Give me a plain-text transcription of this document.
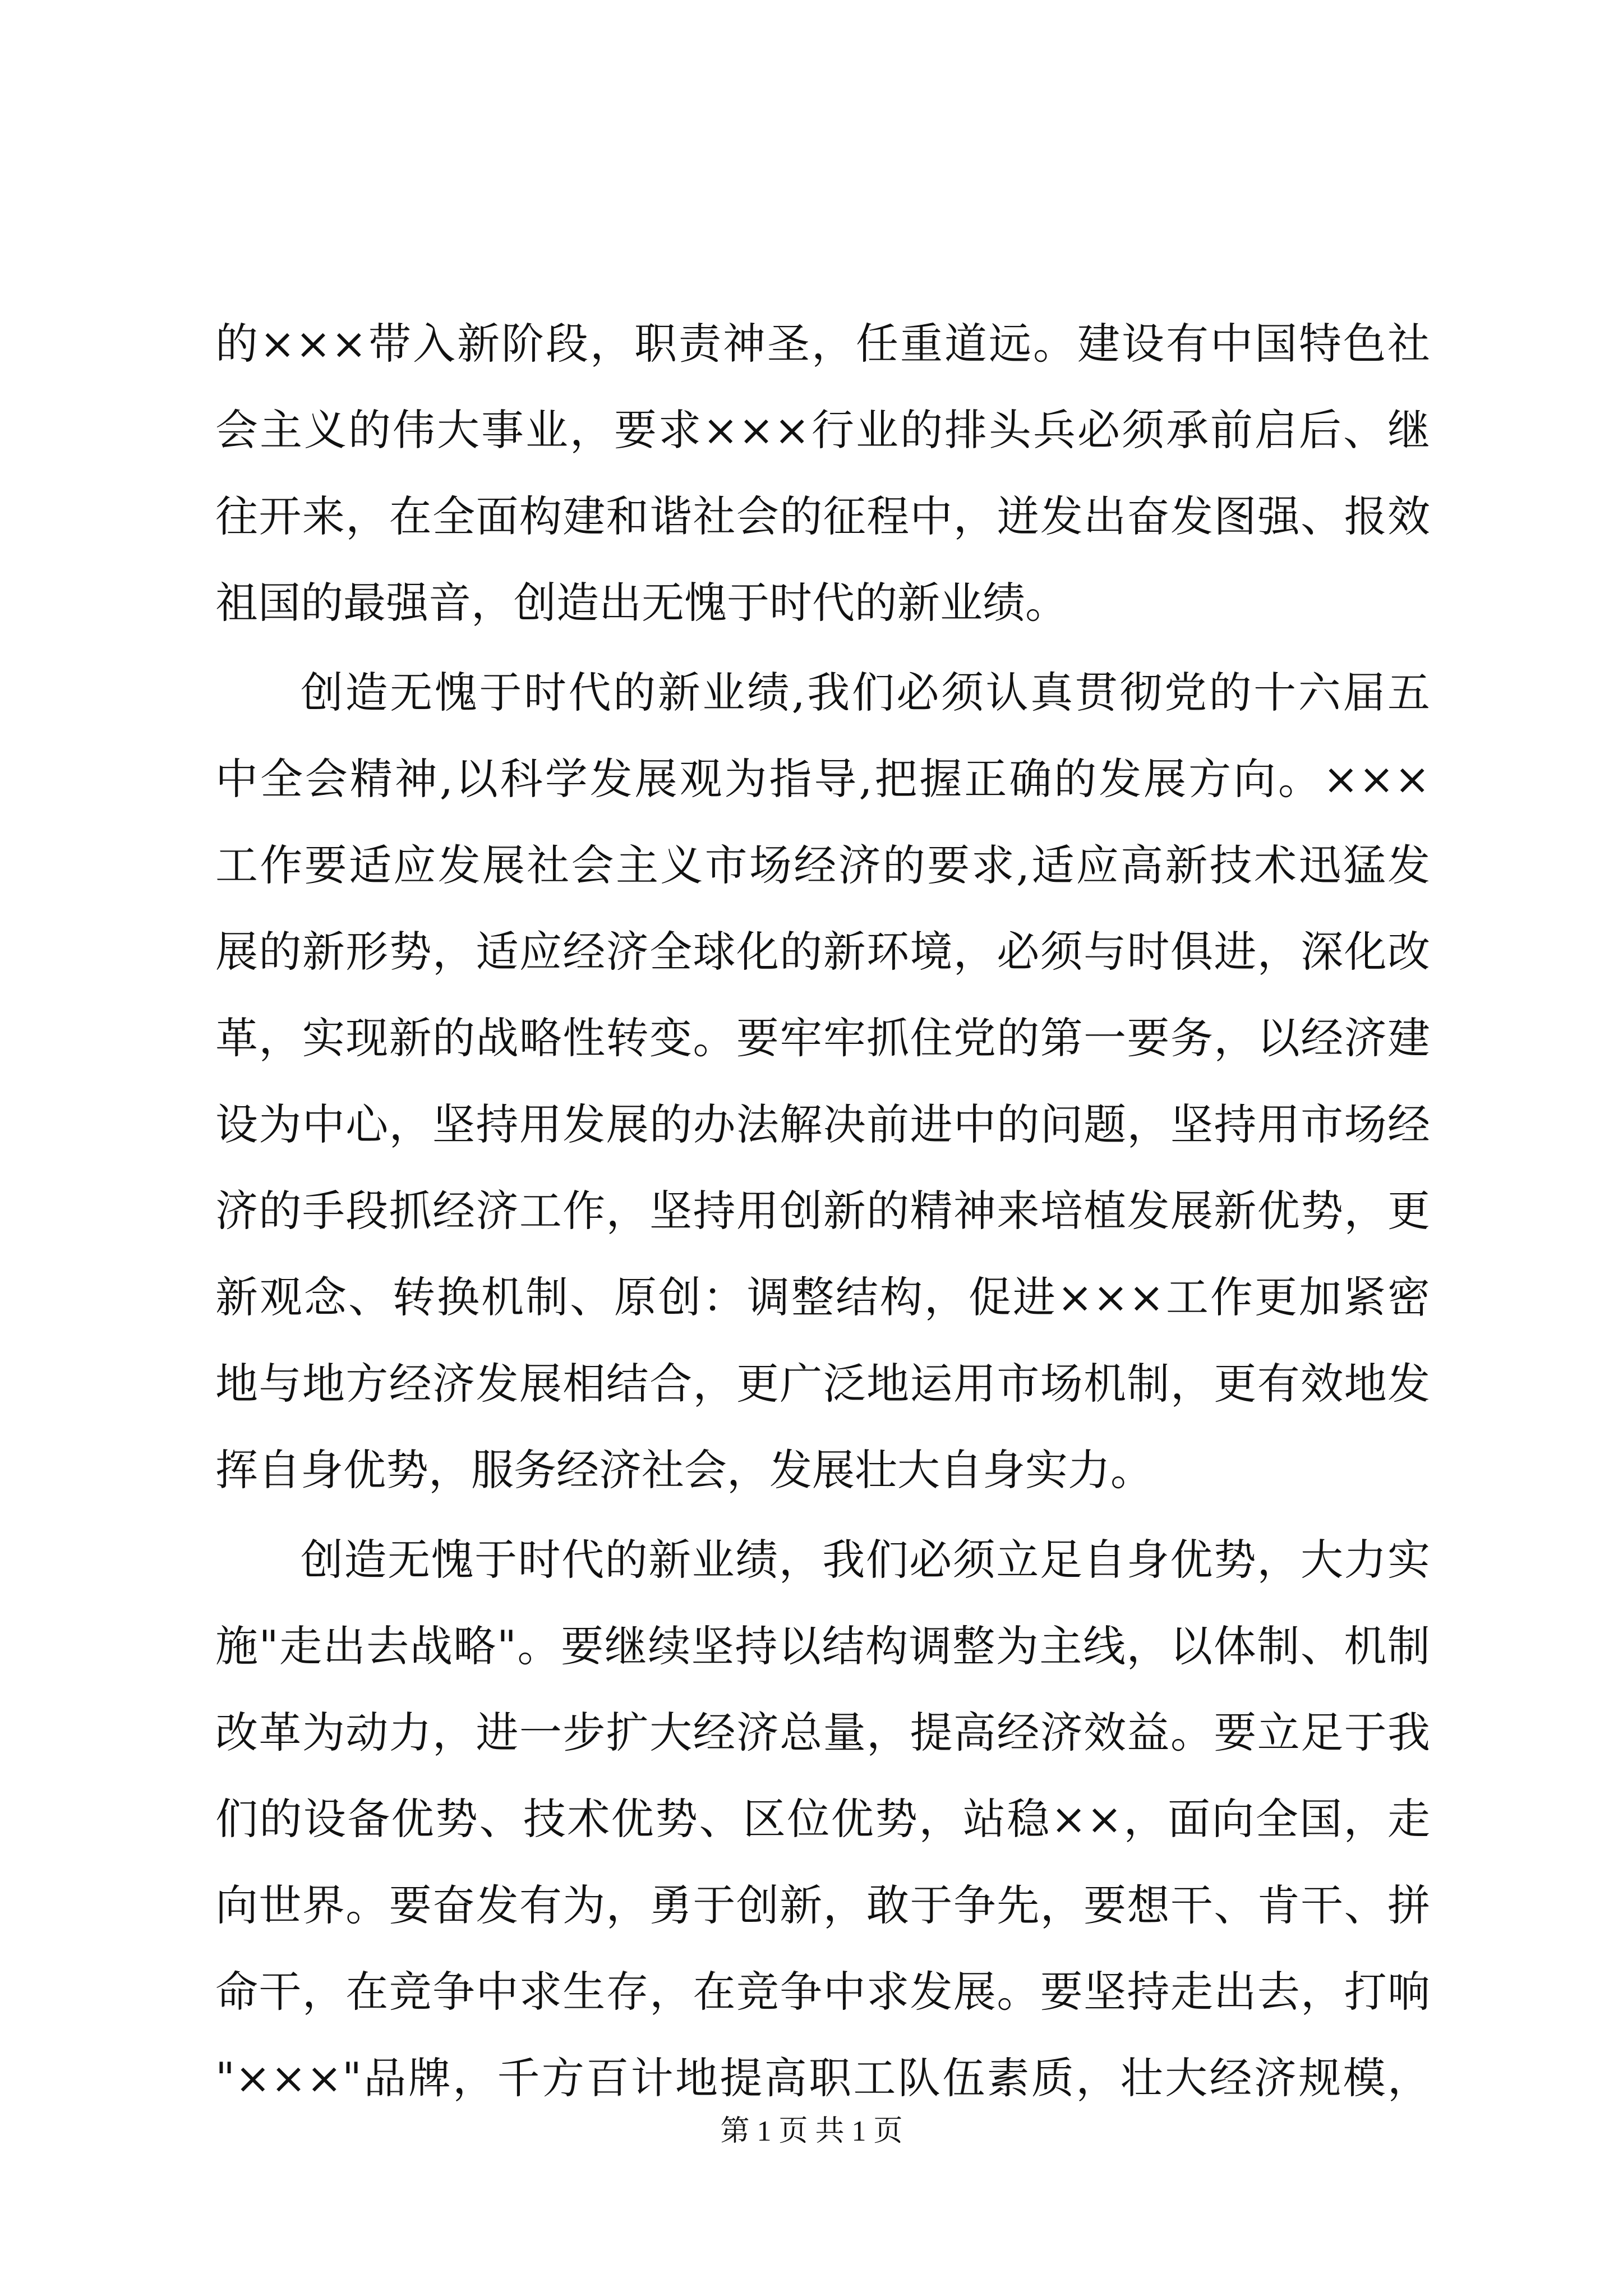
的×××带入新阶段，职责神圣，任重道远。建设有中国特色社
会主义的伟大事业，要求×××行业的排头兵必须承前启后、继
往开来，在全面构建和谐社会的征程中，迸发出奋发图强、报效
祖国的最强音，创造出无愧于时代的新业绩。
创造无愧于时代的新业绩,我们必须认真贯彻党的十六届五
中全会精神,以科学发展观为指导,把握正确的发展方向。×××
工作要适应发展社会主义市场经济的要求,适应高新技术迅猛发
展的新形势，适应经济全球化的新环境，必须与时俱进，深化改
革，实现新的战略性转变。要牢牢抓住党的第一要务，以经济建
设为中心，坚持用发展的办法解决前进中的问题，坚持用市场经
济的手段抓经济工作，坚持用创新的精神来培植发展新优势，更
新观念、转换机制、原创：调整结构，促进×××工作更加紧密
地与地方经济发展相结合，更广泛地运用市场机制，更有效地发
挥自身优势，服务经济社会，发展壮大自身实力。
创造无愧于时代的新业绩，我们必须立足自身优势，大力实
施"走出去战略"。要继续坚持以结构调整为主线，以体制、机制
改革为动力，进一步扩大经济总量，提高经济效益。要立足于我
们的设备优势、技术优势、区位优势，站稳××，面向全国，走
向世界。要奋发有为，勇于创新，敢于争先，要想干、肯干、拼
命干，在竞争中求生存，在竞争中求发展。要坚持走出去，打响
"×××"品牌，千方百计地提高职工队伍素质，壮大经济规模，
第 1 页 共 1 页
